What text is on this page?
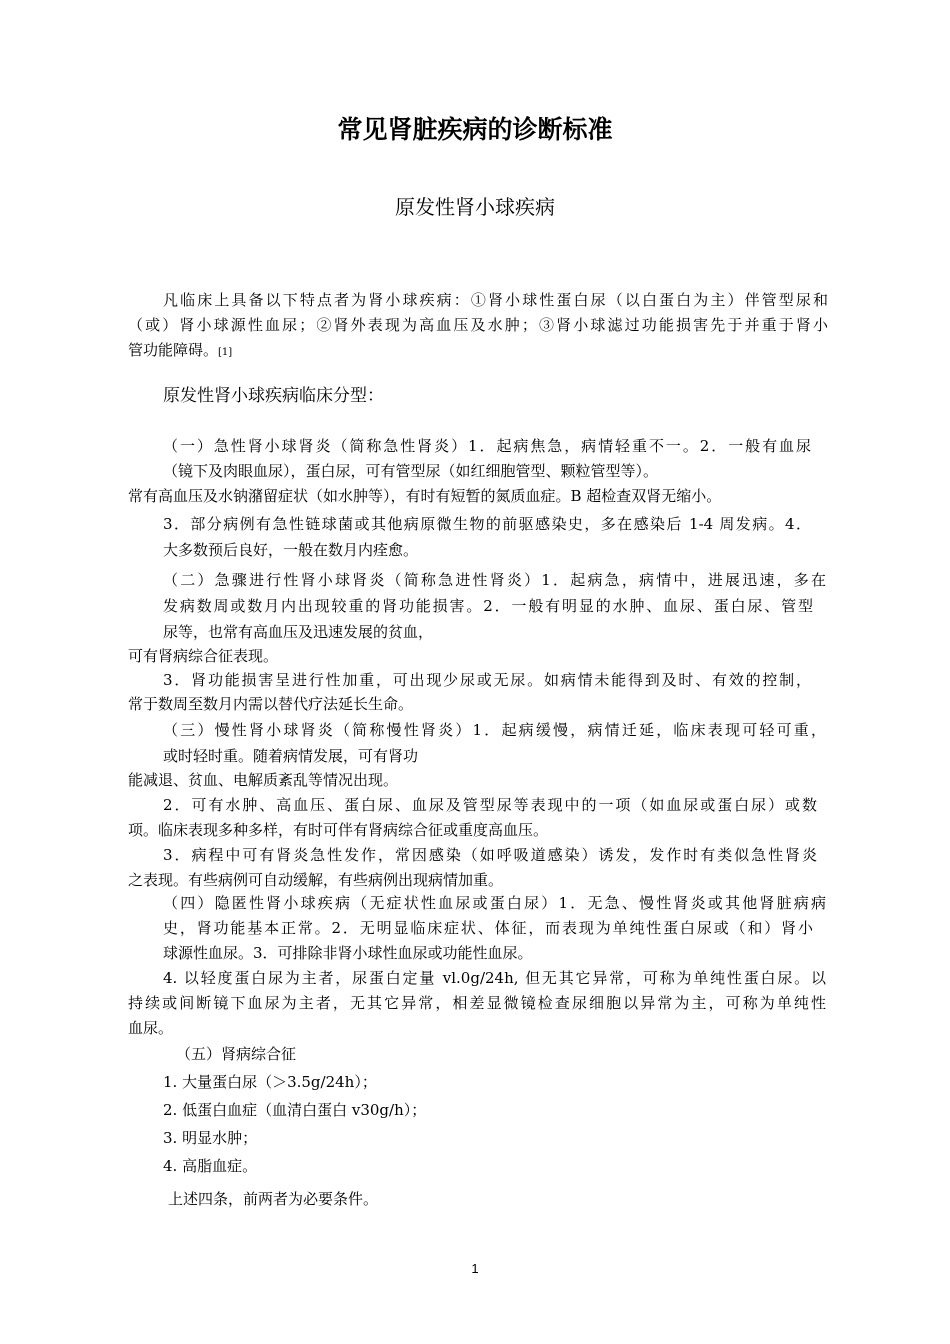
常见肾脏疾病的诊断标准
原发性肾小球疾病
凡临床上具备以下特点者为肾小球疾病：①肾小球性蛋白尿（以白蛋白为主）伴管型尿和
（或）肾小球源性血尿；②肾外表现为高血压及水肿；③肾小球滤过功能损害先于并重于肾小
管功能障碍。[1]
原发性肾小球疾病临床分型：
（一）急性肾小球肾炎（简称急性肾炎）1．起病焦急，病情轻重不一。2．一般有血尿
（镜下及肉眼血尿），蛋白尿，可有管型尿（如红细胞管型、颗粒管型等）。
常有高血压及水钠潴留症状（如水肿等），有时有短暂的氮质血症。B 超检查双肾无缩小。
3．部分病例有急性链球菌或其他病原微生物的前驱感染史，多在感染后 1-4 周发病。4．
大多数预后良好，一般在数月内痊愈。
（二）急骤进行性肾小球肾炎（简称急进性肾炎）1．起病急，病情中，进展迅速，多在
发病数周或数月内出现较重的肾功能损害。2．一般有明显的水肿、血尿、蛋白尿、管型
尿等，也常有高血压及迅速发展的贫血，
可有肾病综合征表现。
3．肾功能损害呈进行性加重，可出现少尿或无尿。如病情未能得到及时、有效的控制，
常于数周至数月内需以替代疗法延长生命。
（三）慢性肾小球肾炎（简称慢性肾炎）1．起病缓慢，病情迁延，临床表现可轻可重，
或时轻时重。随着病情发展，可有肾功
能减退、贫血、电解质紊乱等情况出现。
2．可有水肿、高血压、蛋白尿、血尿及管型尿等表现中的一项（如血尿或蛋白尿）或数
项。临床表现多种多样，有时可伴有肾病综合征或重度高血压。
3．病程中可有肾炎急性发作，常因感染（如呼吸道感染）诱发，发作时有类似急性肾炎
之表现。有些病例可自动缓解，有些病例出现病情加重。
（四）隐匿性肾小球疾病（无症状性血尿或蛋白尿）1．无急、慢性肾炎或其他肾脏病病
史，肾功能基本正常。2．无明显临床症状、体征，而表现为单纯性蛋白尿或（和）肾小
球源性血尿。3．可排除非肾小球性血尿或功能性血尿。
4. 以轻度蛋白尿为主者，尿蛋白定量 vl.0g/24h, 但无其它异常，可称为单纯性蛋白尿。以
持续或间断镜下血尿为主者，无其它异常，相差显微镜检查尿细胞以异常为主，可称为单纯性
血尿。
（五）肾病综合征
1. 大量蛋白尿（＞3.5g/24h）；
2. 低蛋白血症（血清白蛋白 v30g/h）；
3. 明显水肿；
4. 高脂血症。
上述四条，前两者为必要条件。
1
